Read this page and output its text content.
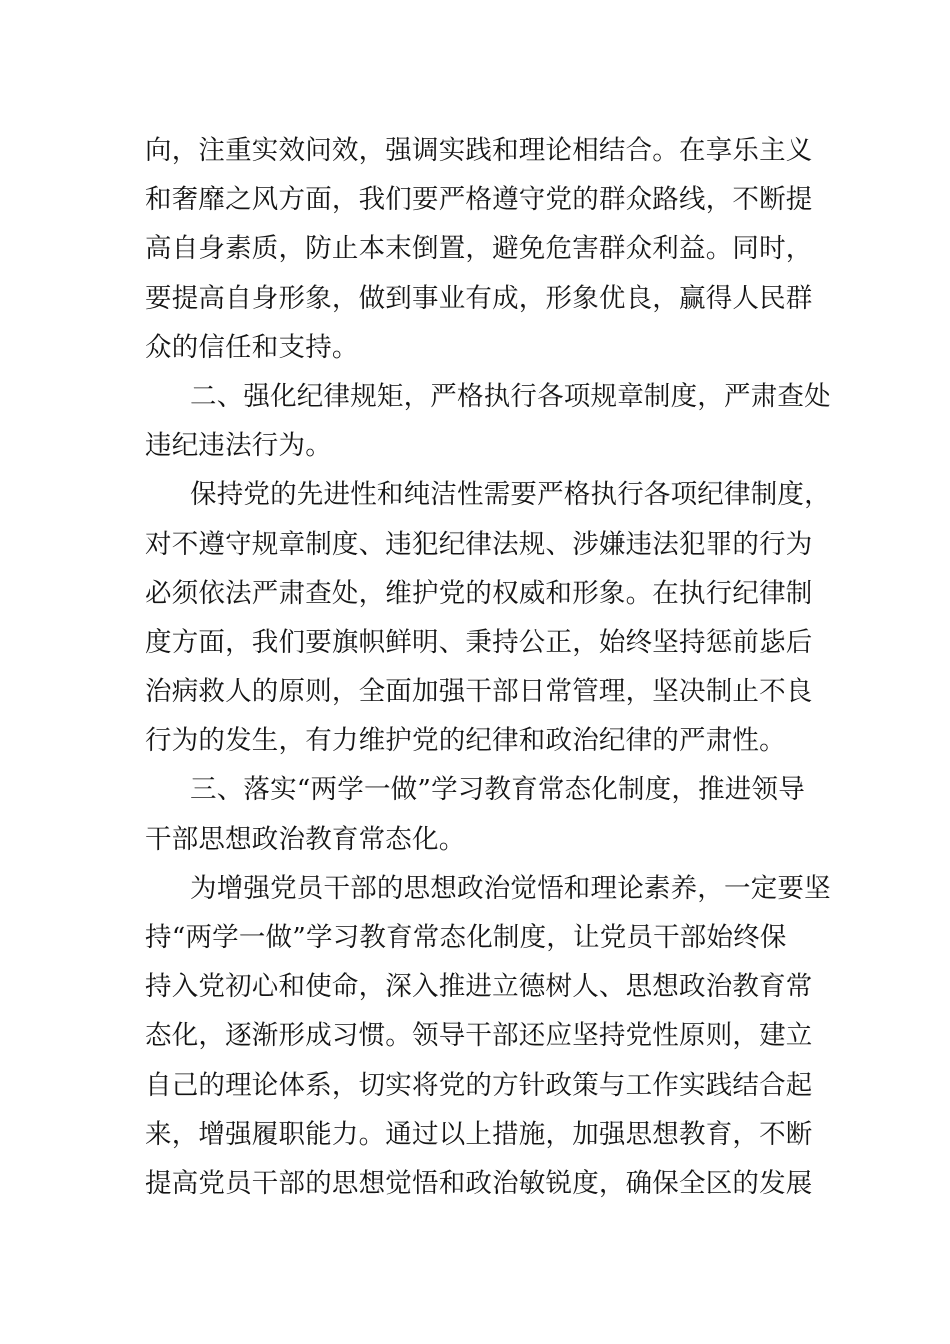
向，注重实效问效，强调实践和理论相结合。在享乐主义
和奢靡之风方面，我们要严格遵守党的群众路线，不断提
高自身素质，防止本末倒置，避免危害群众利益。同时，
要提高自身形象，做到事业有成，形象优良，赢得人民群
众的信任和支持。
二、强化纪律规矩，严格执行各项规章制度，严肃查处
违纪违法行为。
保持党的先进性和纯洁性需要严格执行各项纪律制度，
对不遵守规章制度、违犯纪律法规、涉嫌违法犯罪的行为
必须依法严肃查处，维护党的权威和形象。在执行纪律制
度方面，我们要旗帜鲜明、秉持公正，始终坚持惩前毖后
治病救人的原则，全面加强干部日常管理，坚决制止不良
行为的发生，有力维护党的纪律和政治纪律的严肃性。
三、落实“两学一做”学习教育常态化制度，推进领导
干部思想政治教育常态化。
为增强党员干部的思想政治觉悟和理论素养，一定要坚
持“两学一做”学习教育常态化制度，让党员干部始终保
持入党初心和使命，深入推进立德树人、思想政治教育常
态化，逐渐形成习惯。领导干部还应坚持党性原则，建立
自己的理论体系，切实将党的方针政策与工作实践结合起
来，增强履职能力。通过以上措施，加强思想教育，不断
提高党员干部的思想觉悟和政治敏锐度，确保全区的发展
